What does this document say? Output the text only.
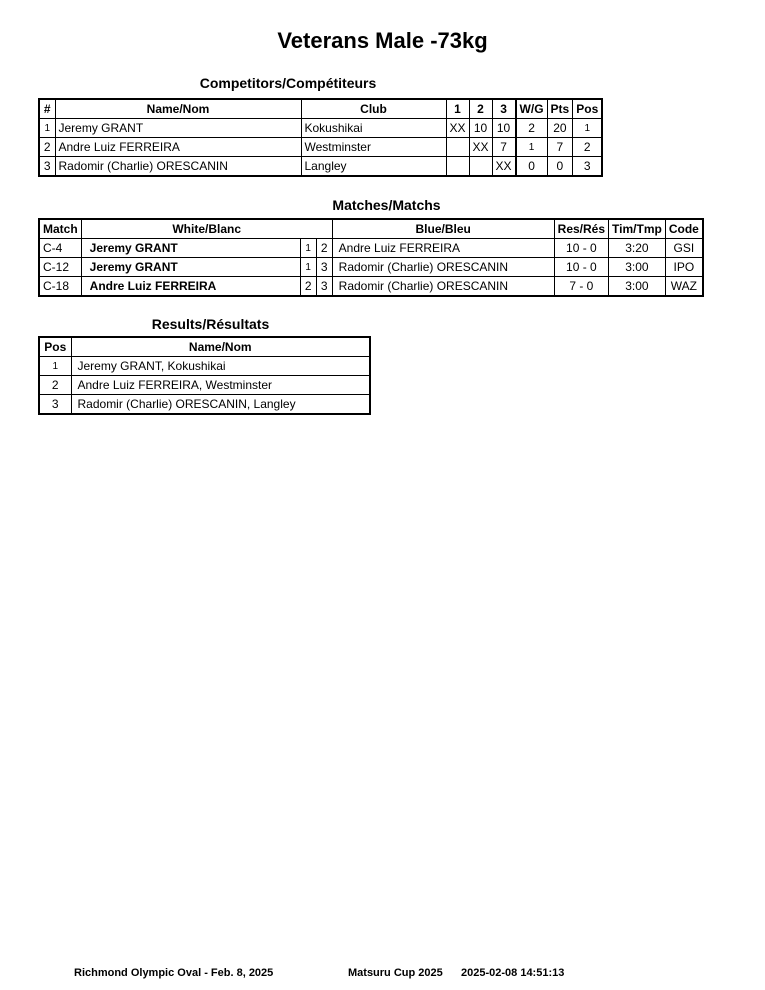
Veterans Male -73kg
Competitors/Compétiteurs
#	Name/Nom	Club	1	2	3	W/G	Pts	Pos
1	Jeremy GRANT	Kokushikai	XX	10	10	2	20	1
2	Andre Luiz FERREIRA	Westminster		XX	7	1	7	2
3	Radomir (Charlie) ORESCANIN	Langley			XX	0	0	3
Matches/Matchs
Match	White/Blanc			Blue/Bleu	Res/Rés	Tim/Tmp	Code
C-4	Jeremy GRANT	1	2	Andre Luiz FERREIRA	10 - 0	3:20	GSI
C-12	Jeremy GRANT	1	3	Radomir (Charlie) ORESCANIN	10 - 0	3:00	IPO
C-18	Andre Luiz FERREIRA	2	3	Radomir (Charlie) ORESCANIN	7 - 0	3:00	WAZ
Results/Résultats
Pos	Name/Nom
1	Jeremy GRANT, Kokushikai
2	Andre Luiz FERREIRA, Westminster
3	Radomir (Charlie) ORESCANIN, Langley
Richmond Olympic Oval - Feb. 8, 2025	Matsuru Cup 2025 2025-02-08 14:51:13
